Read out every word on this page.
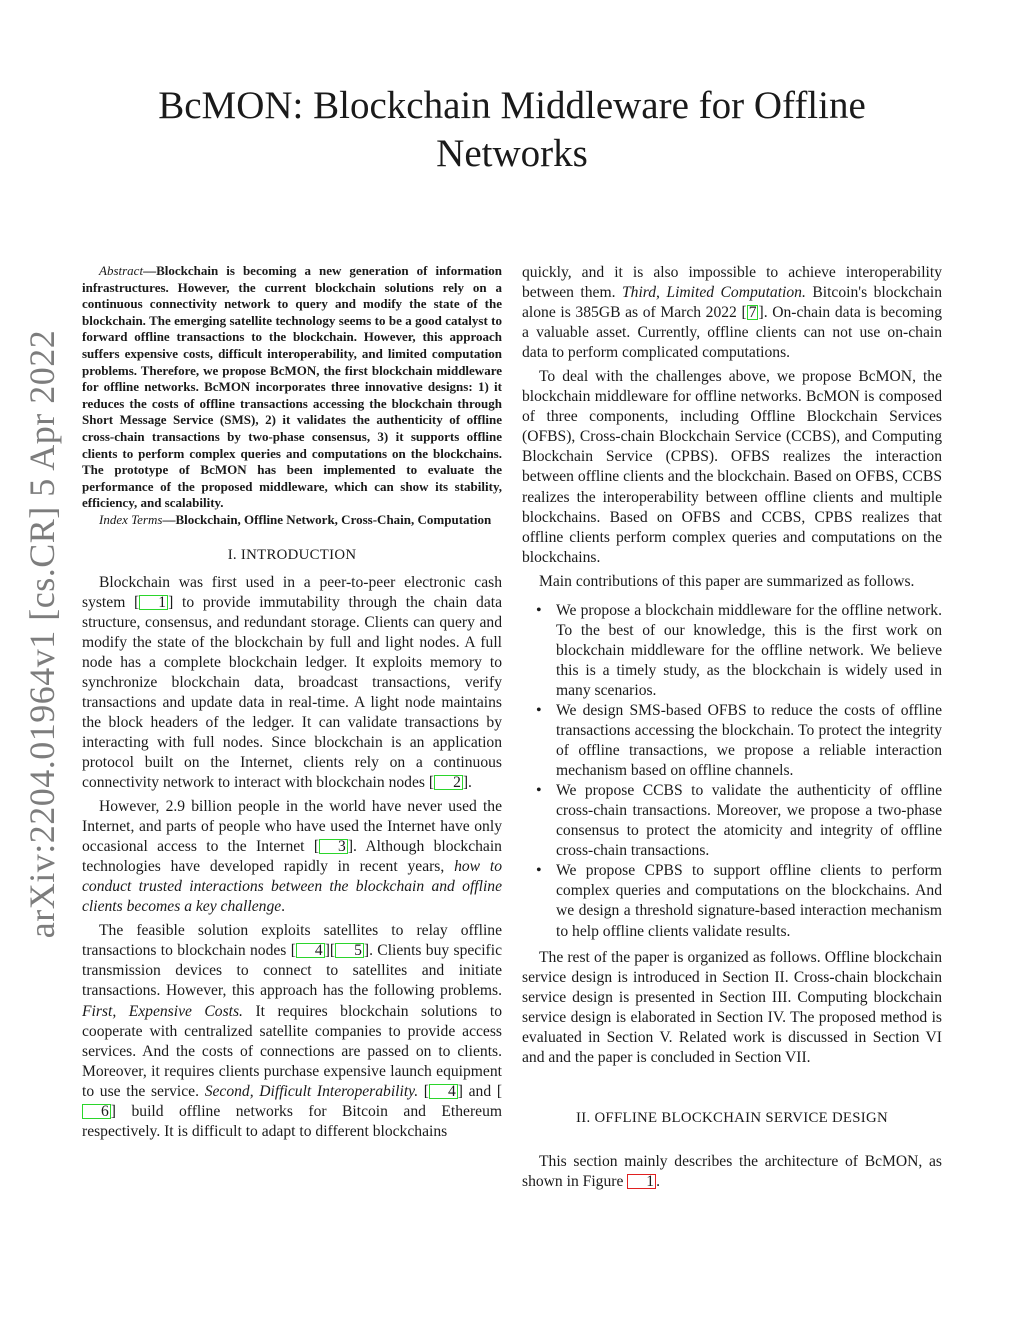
arXiv:2204.01964v1 [cs.CR] 5 Apr 2022
BcMON: Blockchain Middleware for Offline Networks

Abstract—Blockchain is becoming a new generation of information infrastructures. However, the current blockchain solutions rely on a continuous connectivity network to query and modify the state of the blockchain. The emerging satellite technology seems to be a good catalyst to forward offline transactions to the blockchain. However, this approach suffers expensive costs, difficult interoperability, and limited computation problems. Therefore, we propose BcMON, the first blockchain middleware for offline networks. BcMON incorporates three innovative designs: 1) it reduces the costs of offline transactions accessing the blockchain through Short Message Service (SMS), 2) it validates the authenticity of offline cross-chain transactions by two-phase consensus, 3) it supports offline clients to perform complex queries and computations on the blockchains. The prototype of BcMON has been implemented to evaluate the performance of the proposed middleware, which can show its stability, efficiency, and scalability.

Index Terms—Blockchain, Offline Network, Cross-Chain, Computation

I. INTRODUCTION

Blockchain was first used in a peer-to-peer electronic cash system [ 1 ] to provide immutability through the chain data structure, consensus, and redundant storage. Clients can query and modify the state of the blockchain by full and light nodes. A full node has a complete blockchain ledger. It exploits memory to synchronize blockchain data, broadcast transactions, verify transactions and update data in real-time. A light node maintains the block headers of the ledger. It can validate transactions by interacting with full nodes. Since blockchain is an application protocol built on the Internet, clients rely on a continuous connectivity network to interact with blockchain nodes [ 2 ].

However, 2.9 billion people in the world have never used the Internet, and parts of people who have used the Internet have only occasional access to the Internet [ 3 ]. Although blockchain technologies have developed rapidly in recent years, how to conduct trusted interactions between the blockchain and offline clients becomes a key challenge.

The feasible solution exploits satellites to relay offline transactions to blockchain nodes [ 4 ][ 5 ]. Clients buy specific transmission devices to connect to satellites and initiate transactions. However, this approach has the following problems. First, Expensive Costs. It requires blockchain solutions to cooperate with centralized satellite companies to provide access services. And the costs of connections are passed on to clients. Moreover, it requires clients purchase expensive launch equipment to use the service. Second, Difficult Interoperability. [ 4 ] and [6 ] build offline networks for Bitcoin and Ethereum respectively. It is difficult to adapt to different blockchains

quickly, and it is also impossible to achieve interoperability between them. Third, Limited Computation. Bitcoin's blockchain alone is 385GB as of March 2022 [ 7 ]. On-chain data is becoming a valuable asset. Currently, offline clients can not use on-chain data to perform complicated computations.

To deal with the challenges above, we propose BcMON, the blockchain middleware for offline networks. BcMON is composed of three components, including Offline Blockchain Services (OFBS), Cross-chain Blockchain Service (CCBS), and Computing Blockchain Service (CPBS). OFBS realizes the interaction between offline clients and the blockchain. Based on OFBS, CCBS realizes the interoperability between offline clients and multiple blockchains. Based on OFBS and CCBS, CPBS realizes that offline clients perform complex queries and computations on the blockchains.

Main contributions of this paper are summarized as follows.

• We propose a blockchain middleware for the offline network. To the best of our knowledge, this is the first work on blockchain middleware for the offline network. We believe this is a timely study, as the blockchain is widely used in many scenarios.
• We design SMS-based OFBS to reduce the costs of offline transactions accessing the blockchain. To protect the integrity of offline transactions, we propose a reliable interaction mechanism based on offline channels.
• We propose CCBS to validate the authenticity of offline cross-chain transactions. Moreover, we propose a two-phase consensus to protect the atomicity and integrity of offline cross-chain transactions.
• We propose CPBS to support offline clients to perform complex queries and computations on the blockchains. And we design a threshold signature-based interaction mechanism to help offline clients validate results.

The rest of the paper is organized as follows. Offline blockchain service design is introduced in Section II. Cross-chain blockchain service design is presented in Section III. Computing blockchain service design is elaborated in Section IV. The proposed method is evaluated in Section V. Related work is discussed in Section VI and and the paper is concluded in Section VII.

II. OFFLINE BLOCKCHAIN SERVICE DESIGN

This section mainly describes the architecture of BcMON, as shown in Figure 1 .
